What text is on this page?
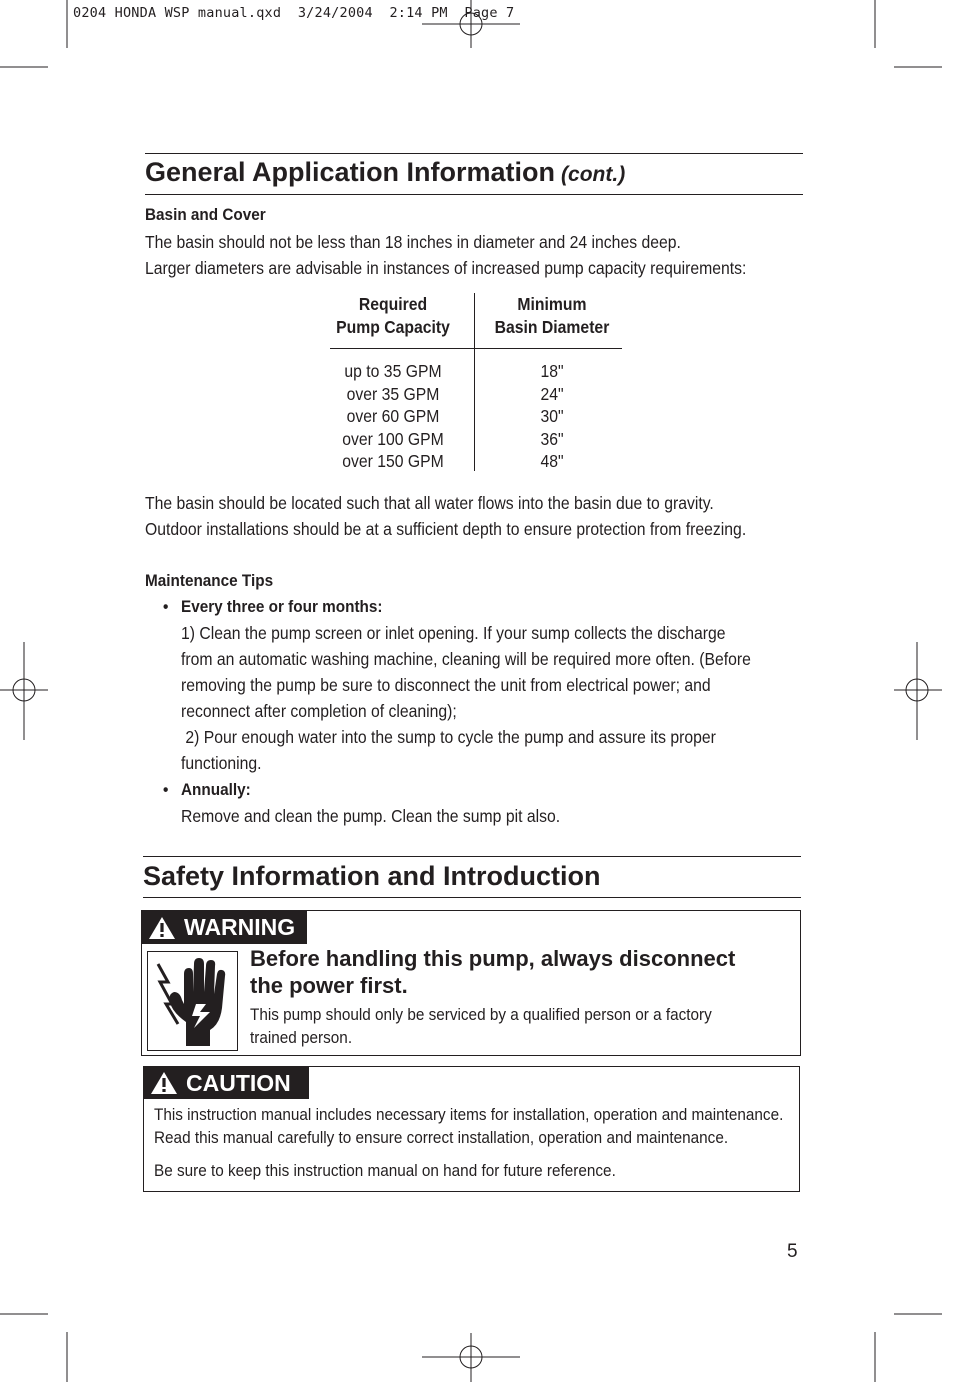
0204 HONDA WSP manual.qxd  3/24/2004  2:14 PM  Page 7
General Application Information (cont.)
Basin and Cover
The basin should not be less than 18 inches in diameter and 24 inches deep.
Larger diameters are advisable in instances of increased pump capacity requirements:
Required
Pump Capacity
Minimum
Basin Diameter
up to 35 GPM
over 35 GPM
over 60 GPM
over 100 GPM
over 150 GPM
18"
24"
30"
36"
48"
The basin should be located such that all water flows into the basin due to gravity.
Outdoor installations should be at a sufficient depth to ensure protection from freezing.
Maintenance Tips
• Every three or four months:
1) Clean the pump screen or inlet opening. If your sump collects the discharge
from an automatic washing machine, cleaning will be required more often. (Before
removing the pump be sure to disconnect the unit from electrical power; and
reconnect after completion of cleaning);
2) Pour enough water into the sump to cycle the pump and assure its proper
functioning.
• Annually:
Remove and clean the pump. Clean the sump pit also.
Safety Information and Introduction
WARNING
Before handling this pump, always disconnect
the power first.
This pump should only be serviced by a qualified person or a factory
trained person.
CAUTION
This instruction manual includes necessary items for installation, operation and maintenance.
Read this manual carefully to ensure correct installation, operation and maintenance.
Be sure to keep this instruction manual on hand for future reference.
5
